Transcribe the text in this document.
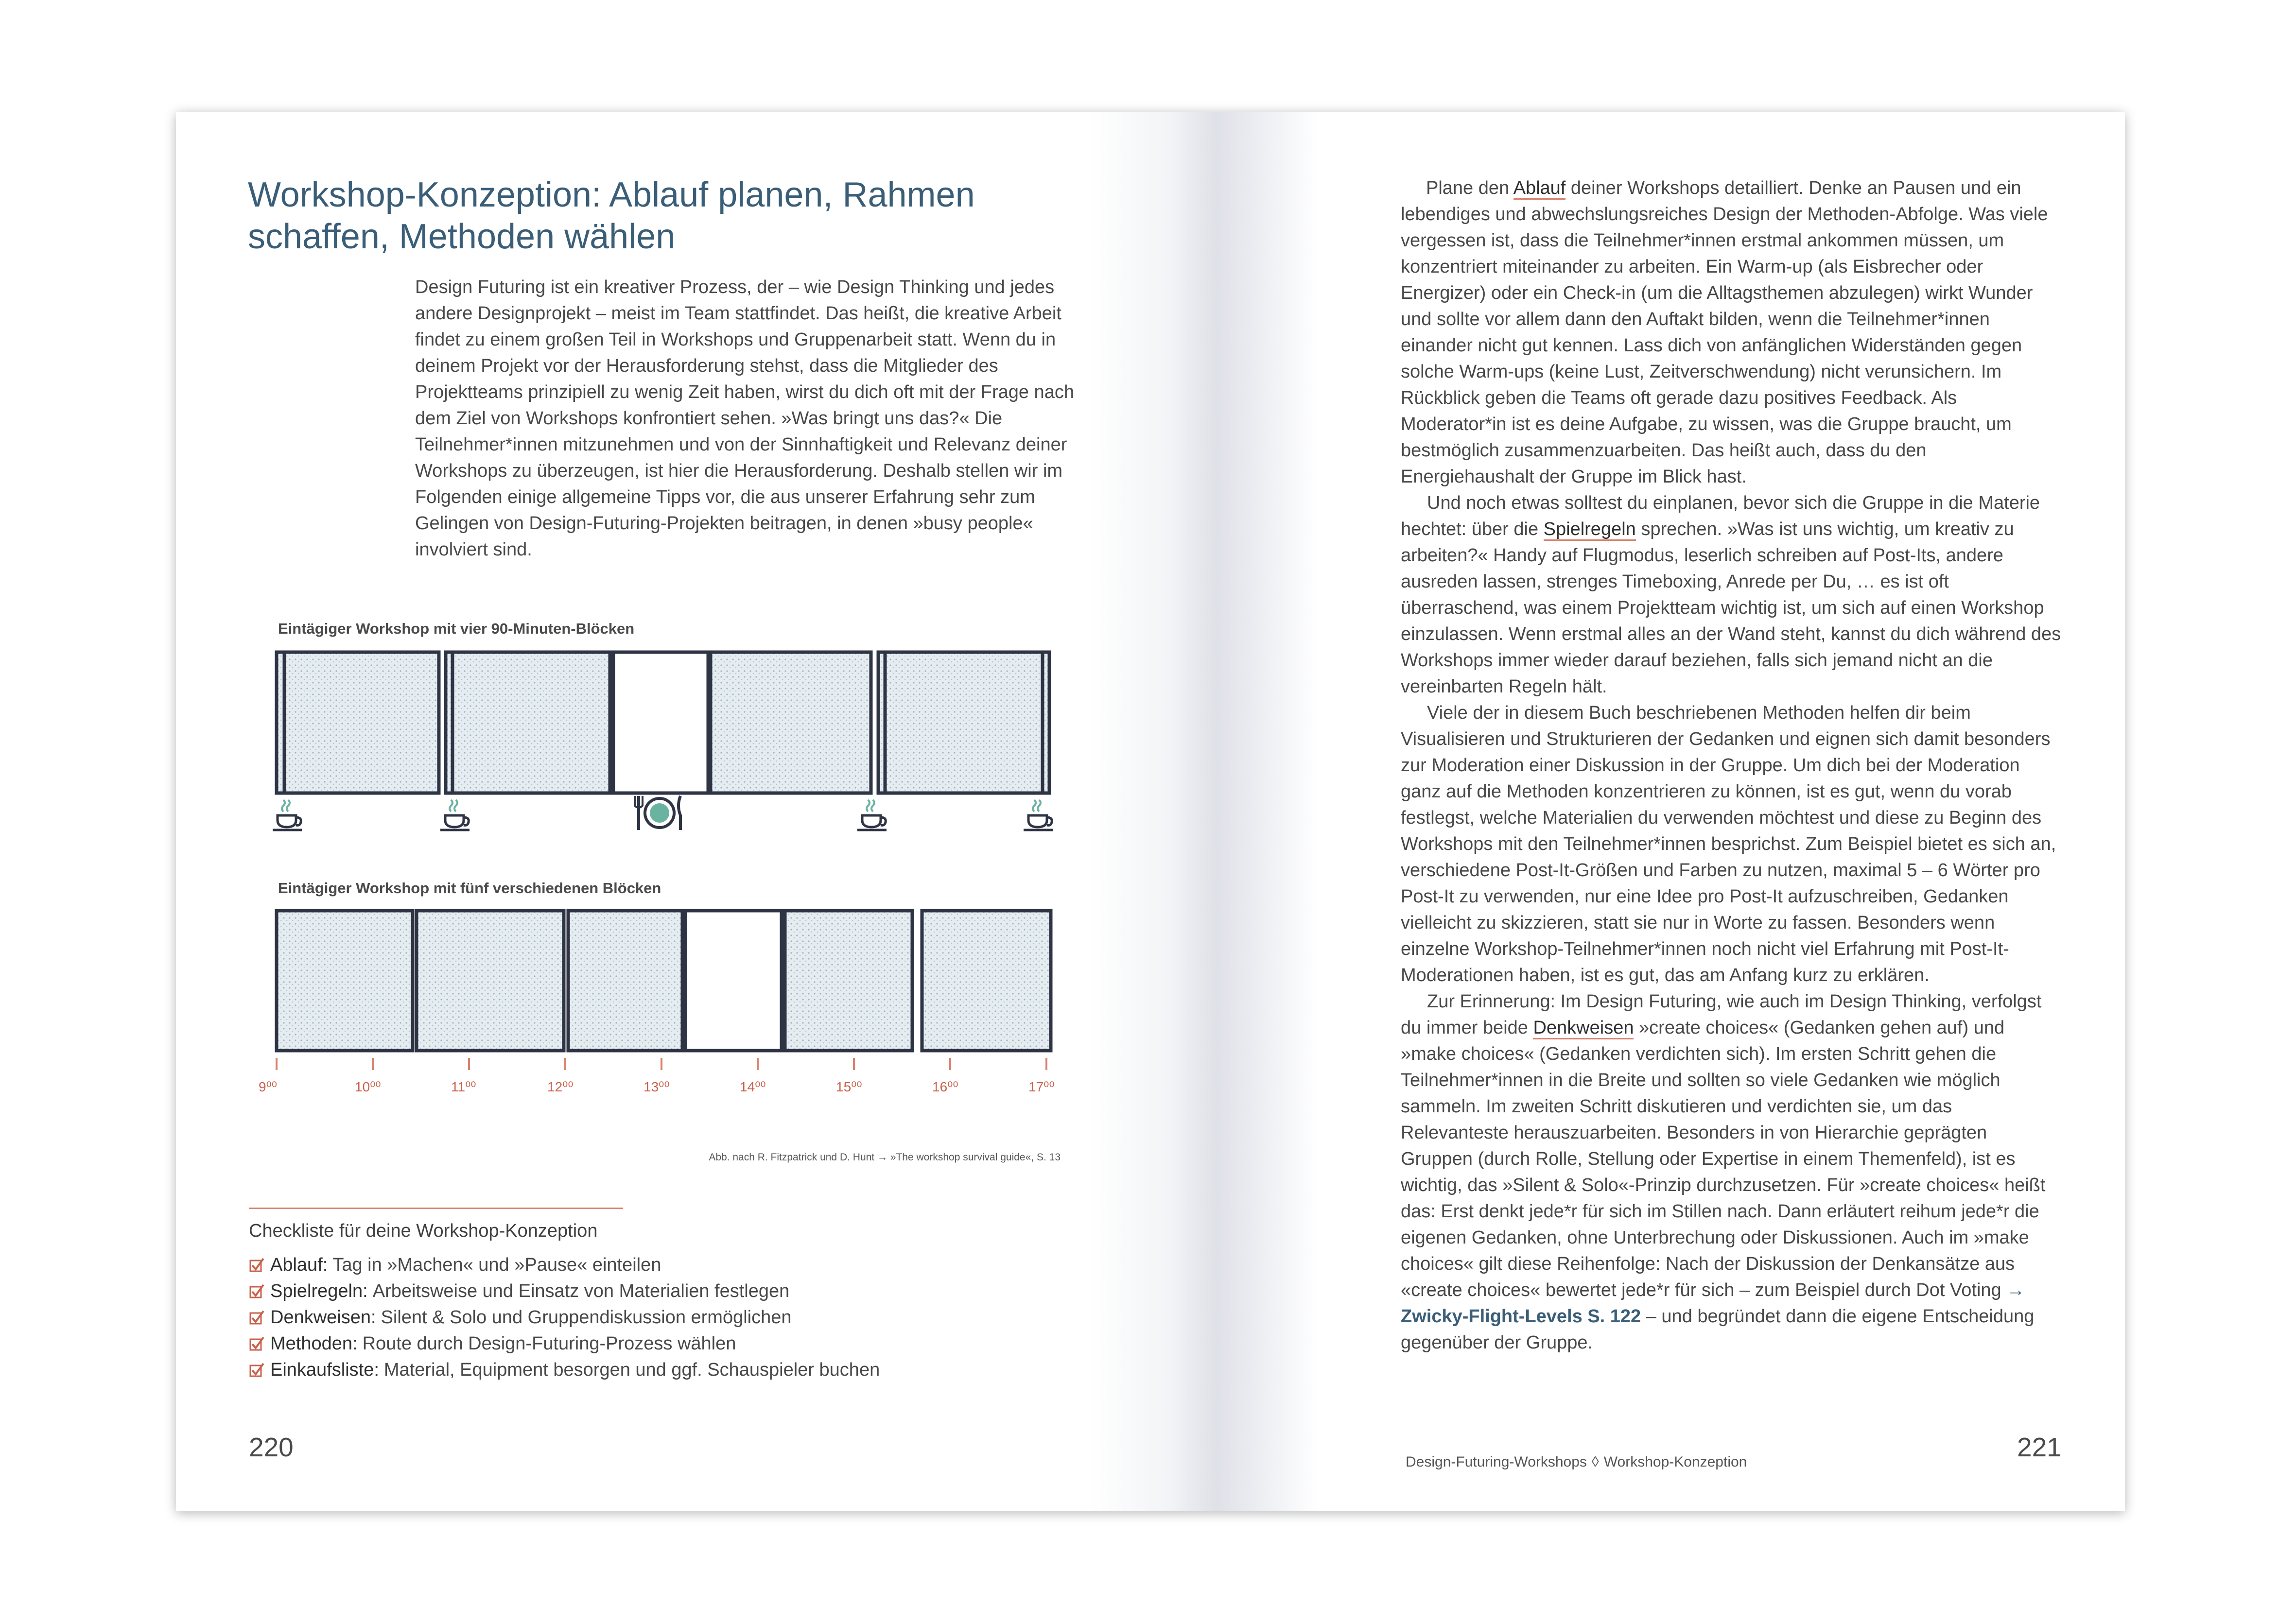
Workshop-Konzeption: Ablauf planen, Rahmen schaffen, Methoden wählen

Design Futuring ist ein kreativer Prozess, der – wie Design Thinking und jedes andere Designprojekt – meist im Team stattfindet. Das heißt, die kreative Arbeit findet zu einem großen Teil in Workshops und Gruppenarbeit statt. Wenn du in deinem Projekt vor der Herausforderung stehst, dass die Mitglieder des Projektteams prinzipiell zu wenig Zeit haben, wirst du dich oft mit der Frage nach dem Ziel von Workshops konfrontiert sehen. »Was bringt uns das?« Die Teilnehmer*innen mitzunehmen und von der Sinnhaftigkeit und Relevanz deiner Workshops zu überzeugen, ist hier die Herausforderung. Deshalb stellen wir im Folgenden einige allgemeine Tipps vor, die aus unserer Erfahrung sehr zum Gelingen von Design-Futuring-Projekten beitragen, in denen »busy people« involviert sind.

Eintägiger Workshop mit vier 90-Minuten-Blöcken

Eintägiger Workshop mit fünf verschiedenen Blöcken

9⁰⁰	10⁰⁰	11⁰⁰	12⁰⁰	13⁰⁰	14⁰⁰	15⁰⁰	16⁰⁰	17⁰⁰
Abb. nach R. Fitzpatrick und D. Hunt → »The workshop survival guide«, S. 13
Checkliste für deine Workshop-Konzeption
Ablauf: Tag in »Machen« und »Pause« einteilen
Spielregeln: Arbeitsweise und Einsatz von Materialien festlegen
Denkweisen: Silent & Solo und Gruppendiskussion ermöglichen
Methoden: Route durch Design-Futuring-Prozess wählen
Einkaufsliste: Material, Equipment besorgen und ggf. Schauspieler buchen
220

Plane den Ablauf deiner Workshops detailliert. Denke an Pausen und ein lebendiges und abwechslungsreiches Design der Methoden-Abfolge. Was viele vergessen ist, dass die Teilnehmer*innen erstmal ankommen müssen, um konzentriert miteinander zu arbeiten. Ein Warm-up (als Eisbrecher oder Energizer) oder ein Check-in (um die Alltagsthemen abzulegen) wirkt Wunder und sollte vor allem dann den Auftakt bilden, wenn die Teilnehmer*innen einander nicht gut kennen. Lass dich von anfänglichen Widerständen gegen solche Warm-ups (keine Lust, Zeitverschwendung) nicht verunsichern. Im Rückblick geben die Teams oft gerade dazu positives Feedback. Als Moderator*in ist es deine Aufgabe, zu wissen, was die Gruppe braucht, um bestmöglich zusammenzuarbeiten. Das heißt auch, dass du den Energiehaushalt der Gruppe im Blick hast.

Und noch etwas solltest du einplanen, bevor sich die Gruppe in die Materie hechtet: über die Spielregeln sprechen. »Was ist uns wichtig, um kreativ zu arbeiten?« Handy auf Flugmodus, leserlich schreiben auf Post-Its, andere ausreden lassen, strenges Timeboxing, Anrede per Du, … es ist oft überraschend, was einem Projektteam wichtig ist, um sich auf einen Workshop einzulassen. Wenn erstmal alles an der Wand steht, kannst du dich während des Workshops immer wieder darauf beziehen, falls sich jemand nicht an die vereinbarten Regeln hält.

Viele der in diesem Buch beschriebenen Methoden helfen dir beim Visualisieren und Strukturieren der Gedanken und eignen sich damit besonders zur Moderation einer Diskussion in der Gruppe. Um dich bei der Moderation ganz auf die Methoden konzentrieren zu können, ist es gut, wenn du vorab festlegst, welche Materialien du verwenden möchtest und diese zu Beginn des Workshops mit den Teilnehmer*innen besprichst. Zum Beispiel bietet es sich an, verschiedene Post-It-Größen und Farben zu nutzen, maximal 5 – 6 Wörter pro Post-It zu verwenden, nur eine Idee pro Post-It aufzuschreiben, Gedanken vielleicht zu skizzieren, statt sie nur in Worte zu fassen. Besonders wenn einzelne Workshop-Teilnehmer*innen noch nicht viel Erfahrung mit Post-It-Moderationen haben, ist es gut, das am Anfang kurz zu erklären.

Zur Erinnerung: Im Design Futuring, wie auch im Design Thinking, verfolgst du immer beide Denkweisen »create choices« (Gedanken gehen auf) und »make choices« (Gedanken verdichten sich). Im ersten Schritt gehen die Teilnehmer*innen in die Breite und sollten so viele Gedanken wie möglich sammeln. Im zweiten Schritt diskutieren und verdichten sie, um das Relevanteste herauszuarbeiten. Besonders in von Hierarchie geprägten Gruppen (durch Rolle, Stellung oder Expertise in einem Themenfeld), ist es wichtig, das »Silent & Solo«-Prinzip durchzusetzen. Für »create choices« heißt das: Erst denkt jede*r für sich im Stillen nach. Dann erläutert reihum jede*r die eigenen Gedanken, ohne Unterbrechung oder Diskussionen. Auch im »make choices« gilt diese Reihenfolge: Nach der Diskussion der Denkansätze aus «create choices« bewertet jede*r für sich – zum Beispiel durch Dot Voting → Zwicky-Flight-Levels S. 122 – und begründet dann die eigene Entscheidung gegenüber der Gruppe.

Design-Futuring-Workshops ◊ Workshop-Konzeption	221
